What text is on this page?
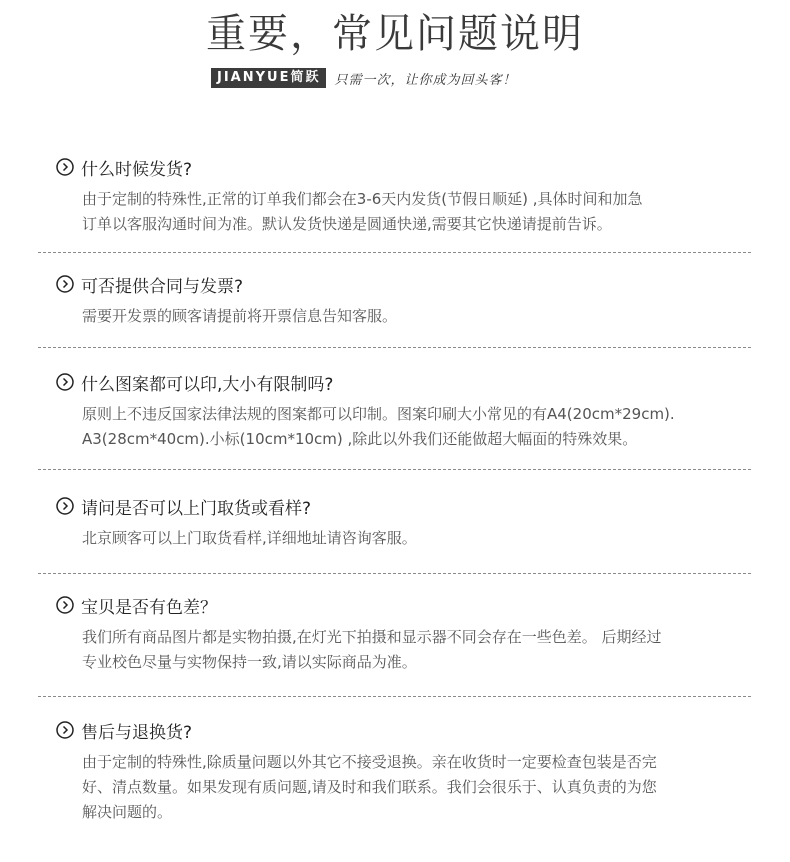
重要，常见问题说明
JIANYUE简跃	只需一次，让你成为回头客！
什么时候发货?

由于定制的特殊性,正常的订单我们都会在3-6天内发货(节假日顺延) ,具体时间和加急

订单以客服沟通时间为准。默认发货快递是圆通快递,需要其它快递请提前告诉。

可否提供合同与发票?

需要开发票的顾客请提前将开票信息告知客服。

什么图案都可以印,大小有限制吗?

原则上不违反国家法律法规的图案都可以印制。图案印刷大小常见的有A4(20cm*29cm).

A3(28cm*40cm).小标(10cm*10cm) ,除此以外我们还能做超大幅面的特殊效果。

请问是否可以上门取货或看样?

北京顾客可以上门取货看样,详细地址请咨询客服。

宝贝是否有色差？

我们所有商品图片都是实物拍摄,在灯光下拍摄和显示器不同会存在一些色差。 后期经过

专业校色尽量与实物保持一致,请以实际商品为准。

售后与退换货?

由于定制的特殊性,除质量问题以外其它不接受退换。亲在收货时一定要检查包装是否完

好、清点数量。如果发现有质问题,请及时和我们联系。我们会很乐于、认真负责的为您

解决问题的。
